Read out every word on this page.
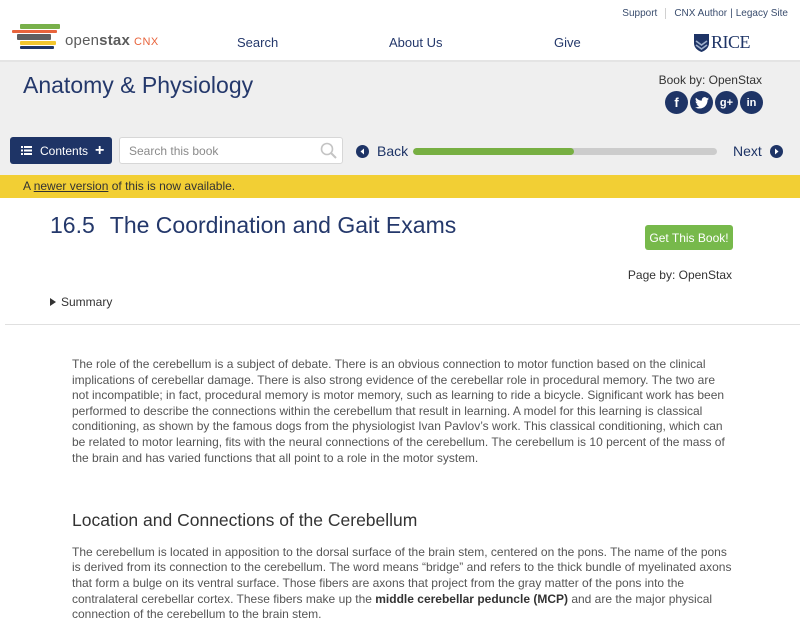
Support CNX Author | Legacy Site
openstax CNX	Search	About Us	Give	RICE
Anatomy & Physiology	Book by: OpenStax
f	g+	in
Contents +
Search this book	Back	Next
A newer version of this is now available.
16.5 The Coordination and Gait Exams	Get This Book!
Page by: OpenStax
Summary

The role of the cerebellum is a subject of debate. There is an obvious connection to motor function based on the clinical implications of cerebellar damage. There is also strong evidence of the cerebellar role in procedural memory. The two are not incompatible; in fact, procedural memory is motor memory, such as learning to ride a bicycle. Significant work has been performed to describe the connections within the cerebellum that result in learning. A model for this learning is classical conditioning, as shown by the famous dogs from the physiologist Ivan Pavlov’s work. This classical conditioning, which can be related to motor learning, fits with the neural connections of the cerebellum. The cerebellum is 10 percent of the mass of the brain and has varied functions that all point to a role in the motor system.

Location and Connections of the Cerebellum

The cerebellum is located in apposition to the dorsal surface of the brain stem, centered on the pons. The name of the pons is derived from its connection to the cerebellum. The word means “bridge” and refers to the thick bundle of myelinated axons that form a bulge on its ventral surface. Those fibers are axons that project from the gray matter of the pons into the contralateral cerebellar cortex. These fibers make up the middle cerebellar peduncle (MCP) and are the major physical connection of the cerebellum to the brain stem.
